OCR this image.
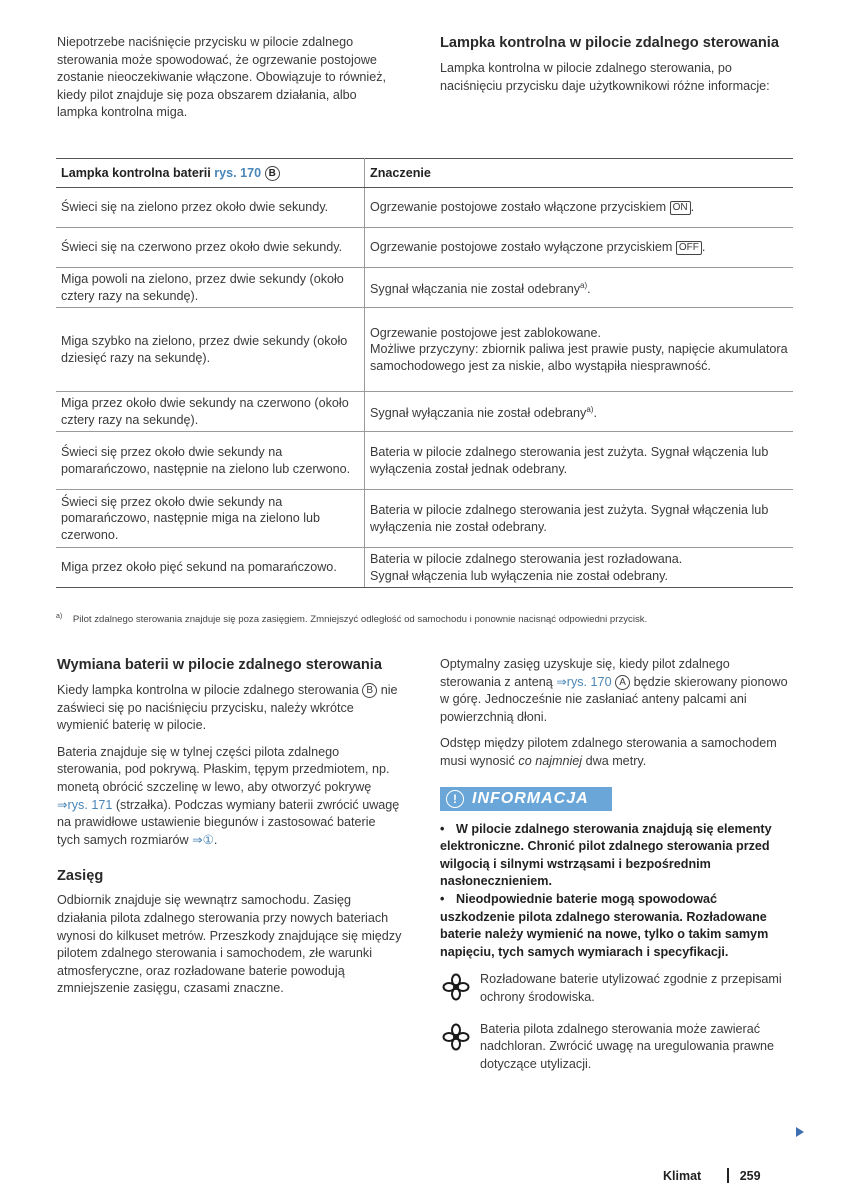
Niepotrzebe naciśnięcie przycisku w pilocie zdalnego sterowania może spowodować, że ogrzewanie postojowe zostanie nieoczekiwanie włączone. Obowiązuje to również, kiedy pilot znajduje się poza obszarem działania, albo lampka kontrolna miga.

Lampka kontrolna w pilocie zdalnego sterowania

Lampka kontrolna w pilocie zdalnego sterowania, po naciśnięciu przycisku daje użytkownikowi różne informacje:

Lampka kontrolna baterii rys. 170 B	Znaczenie
Świeci się na zielono przez około dwie sekundy.	Ogrzewanie postojowe zostało włączone przyciskiem ON .
Świeci się na czerwono przez około dwie sekundy.	Ogrzewanie postojowe zostało wyłączone przyciskiem OFF .
Miga powoli na zielono, przez dwie sekundy (około cztery razy na sekundę).	Sygnał włączania nie został odebrany$^{a)}$.
Miga szybko na zielono, przez dwie sekundy (około dziesięć razy na sekundę).	Ogrzewanie postojowe jest zablokowane.
Możliwe przyczyny: zbiornik paliwa jest prawie pusty, napięcie akumulatora samochodowego jest za niskie, albo wystąpiła niesprawność.

Miga przez około dwie sekundy na czerwono (około cztery razy na sekundę).	Sygnał wyłączania nie został odebrany$^{a)}$.
Świeci się przez około dwie sekundy na pomarańczowo, następnie na zielono lub czerwono.	Bateria w pilocie zdalnego sterowania jest zużyta. Sygnał włączenia lub wyłączenia został jednak odebrany.
Świeci się przez około dwie sekundy na pomarańczowo, następnie miga na zielono lub czerwono.	Bateria w pilocie zdalnego sterowania jest zużyta. Sygnał włączenia lub wyłączenia nie został odebrany.
Miga przez około pięć sekund na pomarańczowo.	Bateria w pilocie zdalnego sterowania jest rozładowana.
Sygnał włączenia lub wyłączenia nie został odebrany.
$^{a)}$ Pilot zdalnego sterowania znajduje się poza zasięgiem. Zmniejszyć odległość od samochodu i ponownie nacisnąć odpowiedni przycisk.
Wymiana baterii w pilocie zdalnego sterowania

Kiedy lampka kontrolna w pilocie zdalnego sterowania B nie zaświeci się po naciśnięciu przycisku, należy wkrótce wymienić baterię w pilocie.

Bateria znajduje się w tylnej części pilota zdalnego sterowania, pod pokrywą. Płaskim, tępym przedmiotem, np. monetą obrócić szczelinę w lewo, aby otworzyć pokrywę ⇒rys. 171 (strzałka). Podczas wymiany baterii zwrócić uwagę na prawidłowe ustawienie biegunów i zastosować baterie tych samych rozmiarów ⇒①.

Zasięg

Odbiornik znajduje się wewnątrz samochodu. Zasięg działania pilota zdalnego sterowania przy nowych bateriach wynosi do kilkuset metrów. Przeszkody znajdujące się między pilotem zdalnego sterowania i samochodem, złe warunki atmosferyczne, oraz rozładowane baterie powodują zmniejszenie zasięgu, czasami znaczne.

Optymalny zasięg uzyskuje się, kiedy pilot zdalnego sterowania z anteną ⇒rys. 170 A będzie skierowany pionowo w górę. Jednocześnie nie zasłaniać anteny palcami ani powierzchnią dłoni.

Odstęp między pilotem zdalnego sterowania a samochodem musi wynosić co najmniej dwa metry.

! INFORMACJA

• W pilocie zdalnego sterowania znajdują się elementy elektroniczne. Chronić pilot zdalnego sterowania przed wilgocią i silnymi wstrząsami i bezpośrednim nasłonecznieniem.

• Nieodpowiednie baterie mogą spowodować uszkodzenie pilota zdalnego sterowania. Rozładowane baterie należy wymienić na nowe, tylko o takim samym napięciu, tych samych wymiarach i specyfikacji.

Rozładowane baterie utylizować zgodnie z przepisami ochrony środowiska.

Bateria pilota zdalnego sterowania może zawierać nadchloran. Zwrócić uwagę na uregulowania prawne dotyczące utylizacji.

Klimat	259
